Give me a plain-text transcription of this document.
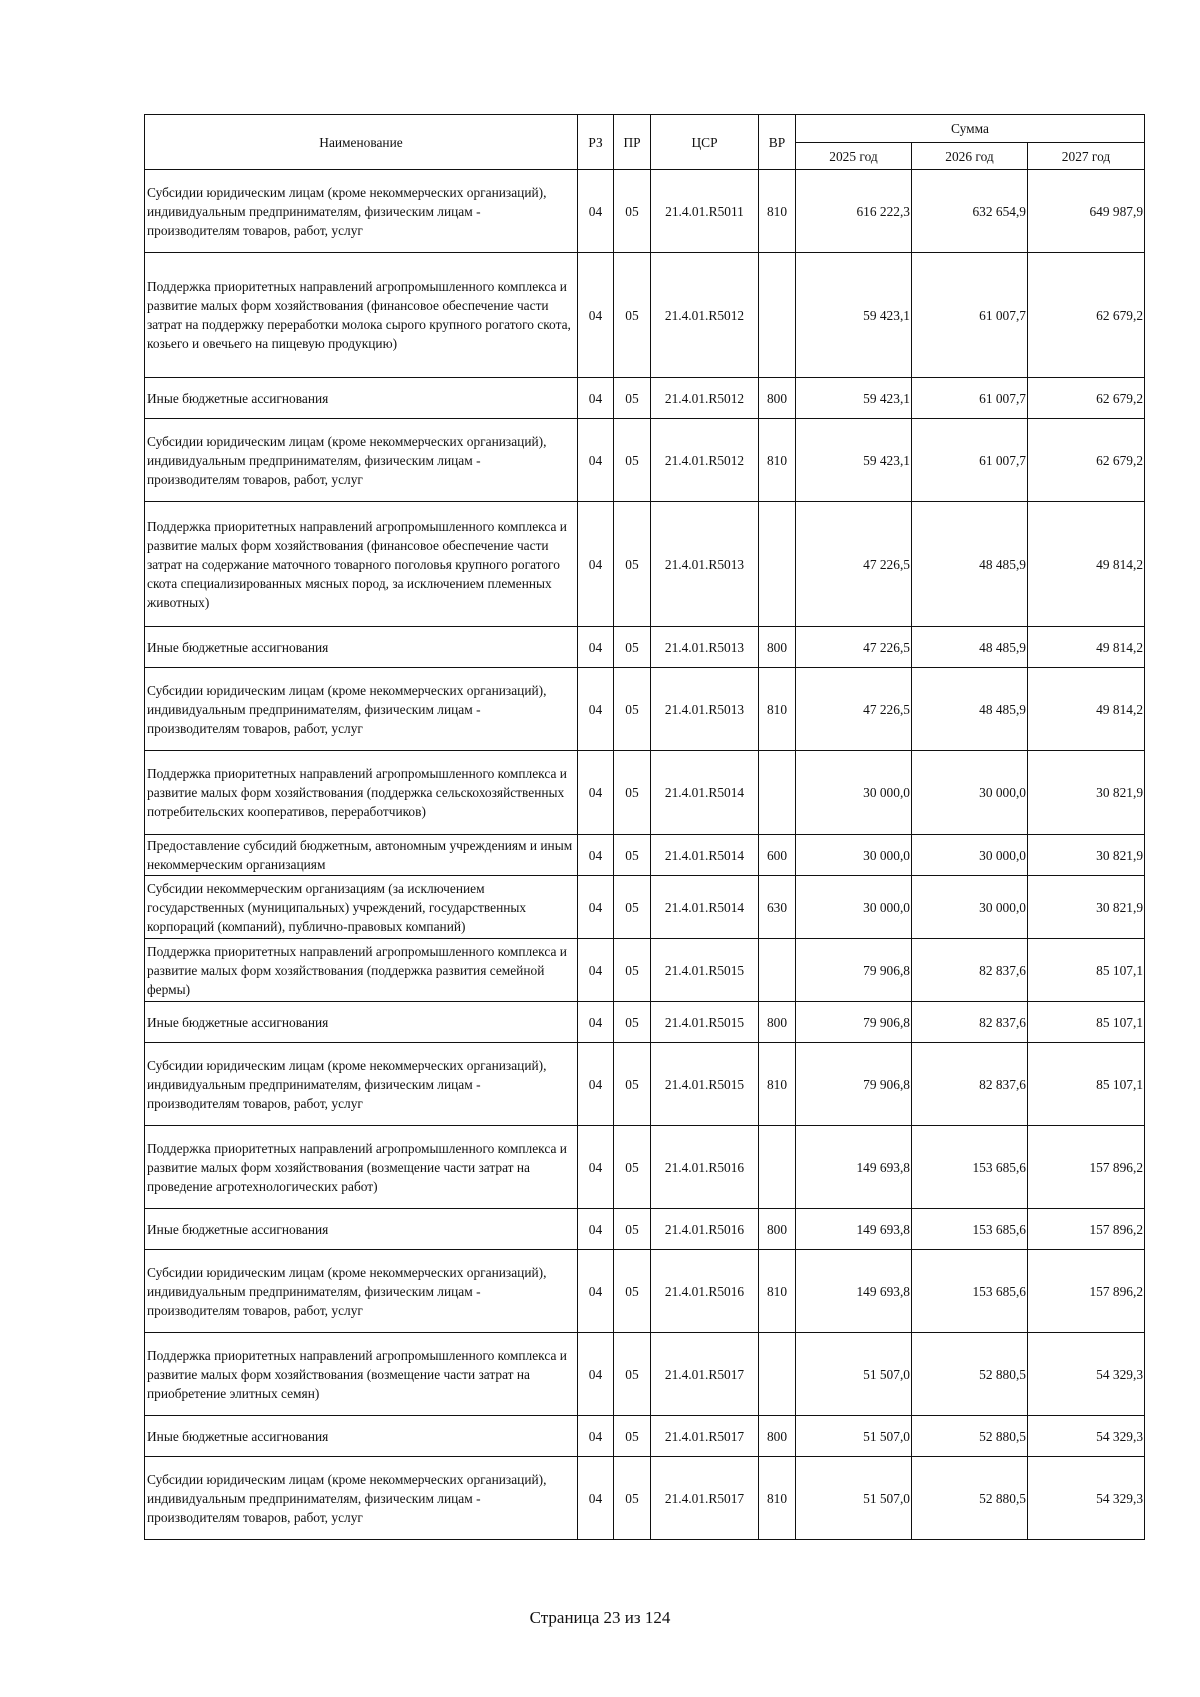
Наименование	РЗ	ПР	ЦСР	ВР	Сумма		
					2025 год	2026 год	2027 год
Субсидии юридическим лицам (кроме некоммерческих организаций), индивидуальным предпринимателям, физическим лицам - производителям товаров, работ, услуг	04	05	21.4.01.R5011	810	616 222,3	632 654,9	649 987,9
Поддержка приоритетных направлений агропромышленного комплекса и развитие малых форм хозяйствования (финансовое обеспечение части затрат на поддержку переработки молока сырого крупного рогатого скота, козьего и овечьего на пищевую продукцию)	04	05	21.4.01.R5012		59 423,1	61 007,7	62 679,2
Иные бюджетные ассигнования	04	05	21.4.01.R5012	800	59 423,1	61 007,7	62 679,2
Субсидии юридическим лицам (кроме некоммерческих организаций), индивидуальным предпринимателям, физическим лицам - производителям товаров, работ, услуг	04	05	21.4.01.R5012	810	59 423,1	61 007,7	62 679,2
Поддержка приоритетных направлений агропромышленного комплекса и развитие малых форм хозяйствования (финансовое обеспечение части затрат на содержание маточного товарного поголовья крупного рогатого скота специализированных мясных пород, за исключением племенных животных)	04	05	21.4.01.R5013		47 226,5	48 485,9	49 814,2
Иные бюджетные ассигнования	04	05	21.4.01.R5013	800	47 226,5	48 485,9	49 814,2
Субсидии юридическим лицам (кроме некоммерческих организаций), индивидуальным предпринимателям, физическим лицам - производителям товаров, работ, услуг	04	05	21.4.01.R5013	810	47 226,5	48 485,9	49 814,2
Поддержка приоритетных направлений агропромышленного комплекса и развитие малых форм хозяйствования (поддержка сельскохозяйственных потребительских кооперативов, переработчиков)	04	05	21.4.01.R5014		30 000,0	30 000,0	30 821,9
Предоставление субсидий бюджетным, автономным учреждениям и иным некоммерческим организациям	04	05	21.4.01.R5014	600	30 000,0	30 000,0	30 821,9
Субсидии некоммерческим организациям (за исключением государственных (муниципальных) учреждений, государственных корпораций (компаний), публично-правовых компаний)	04	05	21.4.01.R5014	630	30 000,0	30 000,0	30 821,9
Поддержка приоритетных направлений агропромышленного комплекса и развитие малых форм хозяйствования (поддержка развития семейной фермы)	04	05	21.4.01.R5015		79 906,8	82 837,6	85 107,1
Иные бюджетные ассигнования	04	05	21.4.01.R5015	800	79 906,8	82 837,6	85 107,1
Субсидии юридическим лицам (кроме некоммерческих организаций), индивидуальным предпринимателям, физическим лицам - производителям товаров, работ, услуг	04	05	21.4.01.R5015	810	79 906,8	82 837,6	85 107,1
Поддержка приоритетных направлений агропромышленного комплекса и развитие малых форм хозяйствования (возмещение части затрат на проведение агротехнологических работ)	04	05	21.4.01.R5016		149 693,8	153 685,6	157 896,2
Иные бюджетные ассигнования	04	05	21.4.01.R5016	800	149 693,8	153 685,6	157 896,2
Субсидии юридическим лицам (кроме некоммерческих организаций), индивидуальным предпринимателям, физическим лицам - производителям товаров, работ, услуг	04	05	21.4.01.R5016	810	149 693,8	153 685,6	157 896,2
Поддержка приоритетных направлений агропромышленного комплекса и развитие малых форм хозяйствования (возмещение части затрат на приобретение элитных семян)	04	05	21.4.01.R5017		51 507,0	52 880,5	54 329,3
Иные бюджетные ассигнования	04	05	21.4.01.R5017	800	51 507,0	52 880,5	54 329,3
Субсидии юридическим лицам (кроме некоммерческих организаций), индивидуальным предпринимателям, физическим лицам - производителям товаров, работ, услуг	04	05	21.4.01.R5017	810	51 507,0	52 880,5	54 329,3
Страница 23 из 124
